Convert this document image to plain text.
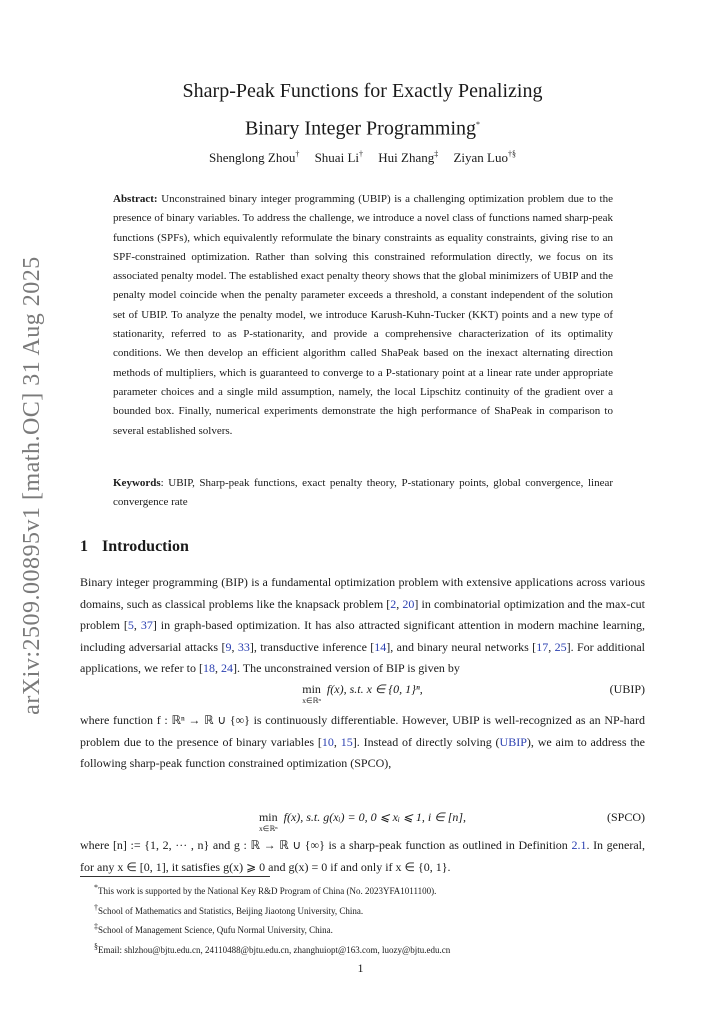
arXiv:2509.00895v1 [math.OC] 31 Aug 2025
Sharp-Peak Functions for Exactly Penalizing
Binary Integer Programming*
Shenglong Zhou† Shuai Li† Hui Zhang‡ Ziyan Luo†§
Abstract: Unconstrained binary integer programming (UBIP) is a challenging optimization problem due to the presence of binary variables. To address the challenge, we introduce a novel class of functions named sharp-peak functions (SPFs), which equivalently reformulate the binary constraints as equality constraints, giving rise to an SPF-constrained optimization. Rather than solving this constrained reformulation directly, we focus on its associated penalty model. The established exact penalty theory shows that the global minimizers of UBIP and the penalty model coincide when the penalty parameter exceeds a threshold, a constant independent of the solution set of UBIP. To analyze the penalty model, we introduce Karush-Kuhn-Tucker (KKT) points and a new type of stationarity, referred to as P-stationarity, and provide a comprehensive characterization of its optimality conditions. We then develop an efficient algorithm called ShaPeak based on the inexact alternating direction methods of multipliers, which is guaranteed to converge to a P-stationary point at a linear rate under appropriate parameter choices and a single mild assumption, namely, the local Lipschitz continuity of the gradient over a bounded box. Finally, numerical experiments demonstrate the high performance of ShaPeak in comparison to several established solvers.
Keywords: UBIP, Sharp-peak functions, exact penalty theory, P-stationary points, global convergence, linear convergence rate
1 Introduction
Binary integer programming (BIP) is a fundamental optimization problem with extensive applications across various domains, such as classical problems like the knapsack problem [2, 20] in combinatorial optimization and the max-cut problem [5, 37] in graph-based optimization. It has also attracted significant attention in modern machine learning, including adversarial attacks [9, 33], transductive inference [14], and binary neural networks [17, 25]. For additional applications, we refer to [18, 24]. The unconstrained version of BIP is given by
min
x∈ℝⁿ
f(x), s.t. x ∈ {0, 1}ⁿ,	(UBIP)
where function f : ℝⁿ → ℝ ∪ {∞} is continuously differentiable. However, UBIP is well-recognized as an NP-hard problem due to the presence of binary variables [10, 15]. Instead of directly solving (UBIP), we aim to address the following sharp-peak function constrained optimization (SPCO),
min
x∈ℝⁿ
f(x), s.t. g(xᵢ) = 0, 0 ⩽ xᵢ ⩽ 1, i ∈ [n],	(SPCO)
where [n] := {1, 2, ··· , n} and g : ℝ → ℝ ∪ {∞} is a sharp-peak function as outlined in Definition 2.1. In general, for any x ∈ [0, 1], it satisfies g(x) ⩾ 0 and g(x) = 0 if and only if x ∈ {0, 1}.
*This work is supported by the National Key R&D Program of China (No. 2023YFA1011100).
†School of Mathematics and Statistics, Beijing Jiaotong University, China.
‡School of Management Science, Qufu Normal University, China.
§Email: shlzhou@bjtu.edu.cn, 24110488@bjtu.edu.cn, zhanghuiopt@163.com, luozy@bjtu.edu.cn
1
